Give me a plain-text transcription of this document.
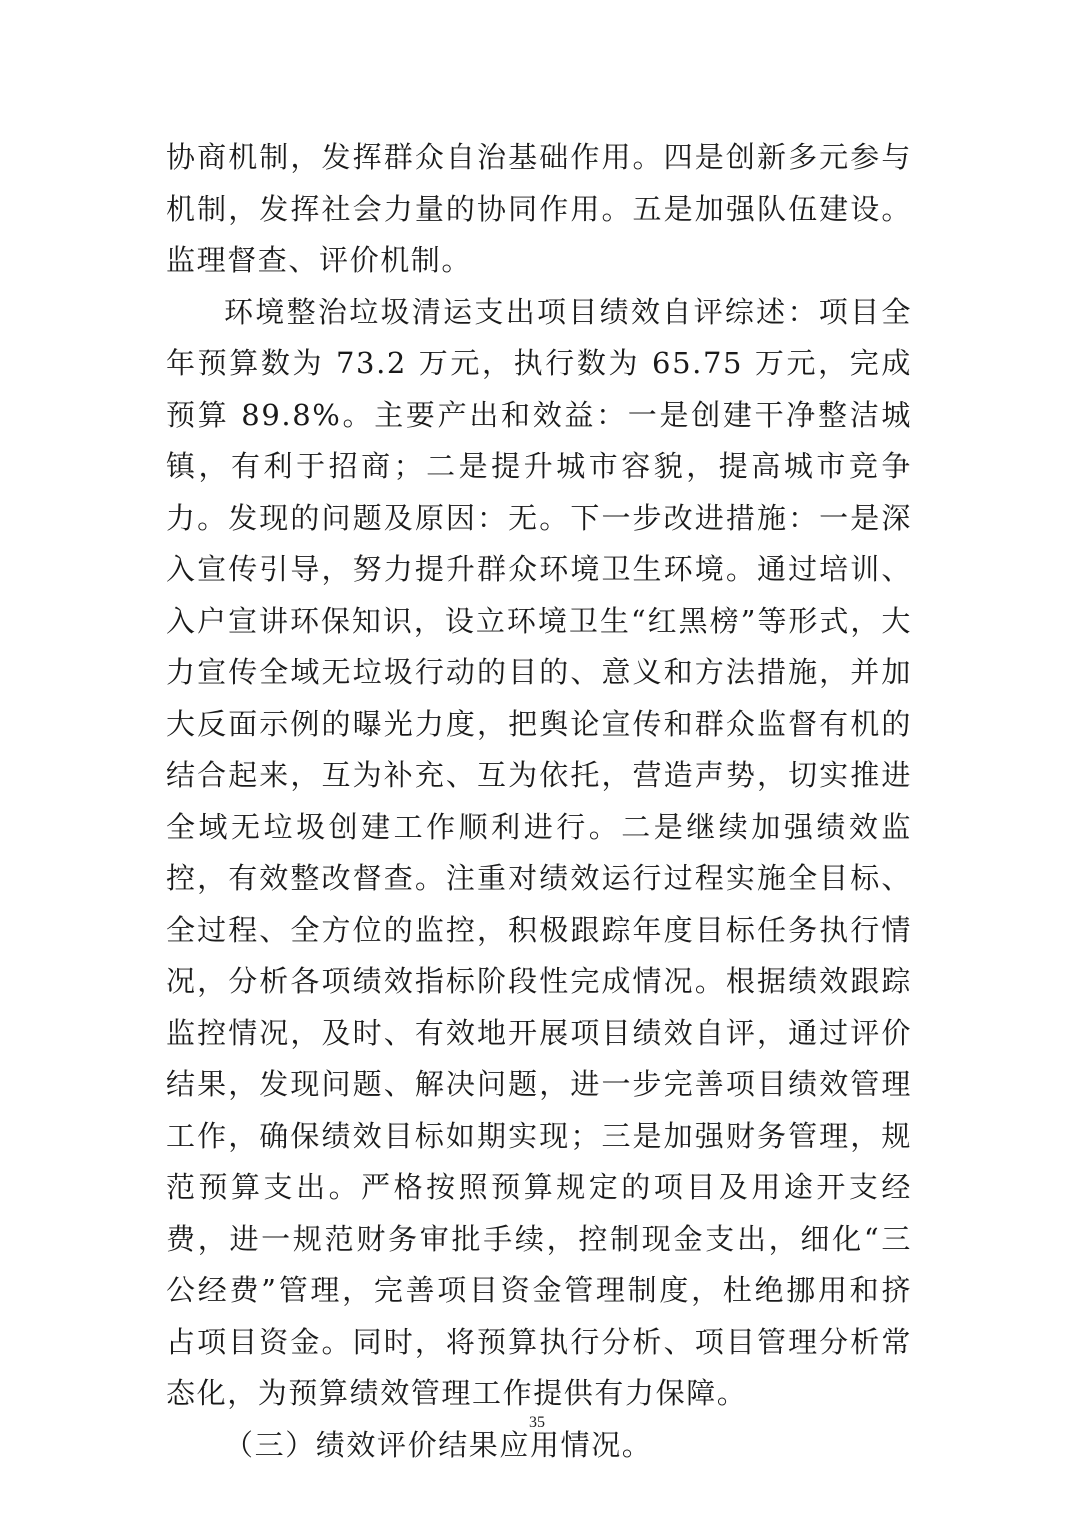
协商机制，发挥群众自治基础作用。四是创新多元参与机制，发挥社会力量的协同作用。五是加强队伍建设。监理督查、评价机制。

环境整治垃圾清运支出项目绩效自评综述：项目全年预算数为 73.2 万元，执行数为 65.75 万元，完成预算 89.8%。主要产出和效益：一是创建干净整洁城镇，有利于招商；二是提升城市容貌，提高城市竞争力。发现的问题及原因：无。下一步改进措施：一是深入宣传引导，努力提升群众环境卫生环境。通过培训、入户宣讲环保知识，设立环境卫生“红黑榜”等形式，大力宣传全域无垃圾行动的目的、意义和方法措施，并加大反面示例的曝光力度，把舆论宣传和群众监督有机的结合起来，互为补充、互为依托，营造声势，切实推进全域无垃圾创建工作顺利进行。二是继续加强绩效监控，有效整改督查。注重对绩效运行过程实施全目标、全过程、全方位的监控，积极跟踪年度目标任务执行情况，分析各项绩效指标阶段性完成情况。根据绩效跟踪监控情况，及时、有效地开展项目绩效自评，通过评价结果，发现问题、解决问题，进一步完善项目绩效管理工作，确保绩效目标如期实现；三是加强财务管理，规范预算支出。严格按照预算规定的项目及用途开支经费，进一规范财务审批手续，控制现金支出，细化“三公经费”管理，完善项目资金管理制度，杜绝挪用和挤占项目资金。同时，将预算执行分析、项目管理分析常态化，为预算绩效管理工作提供有力保障。

（三）绩效评价结果应用情况。

35
